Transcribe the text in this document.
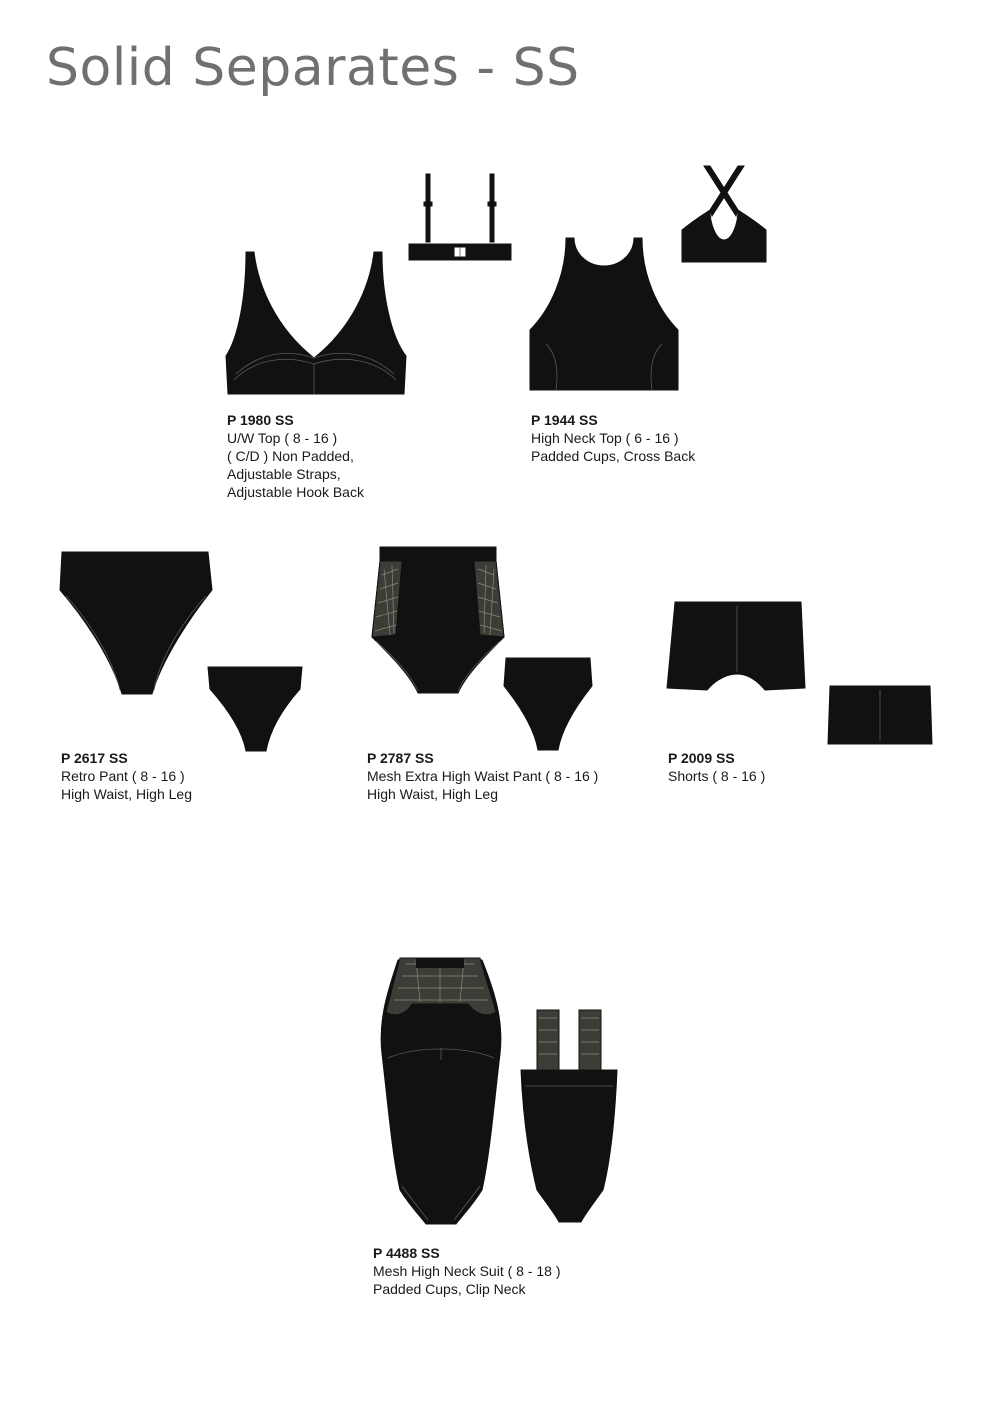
Solid Separates - SS
P 1980 SS
U/W Top ( 8 - 16 )
( C/D ) Non Padded,
Adjustable Straps,
Adjustable Hook Back
P 1944 SS
High Neck Top ( 6 - 16 )
Padded Cups, Cross Back
P 2617 SS
Retro Pant ( 8 - 16 )
High Waist, High Leg
P 2787 SS
Mesh Extra High Waist Pant ( 8 - 16 )
High Waist, High Leg
P 2009 SS
Shorts ( 8 - 16 )
P 4488 SS
Mesh High Neck Suit ( 8 - 18 )
Padded Cups, Clip Neck
